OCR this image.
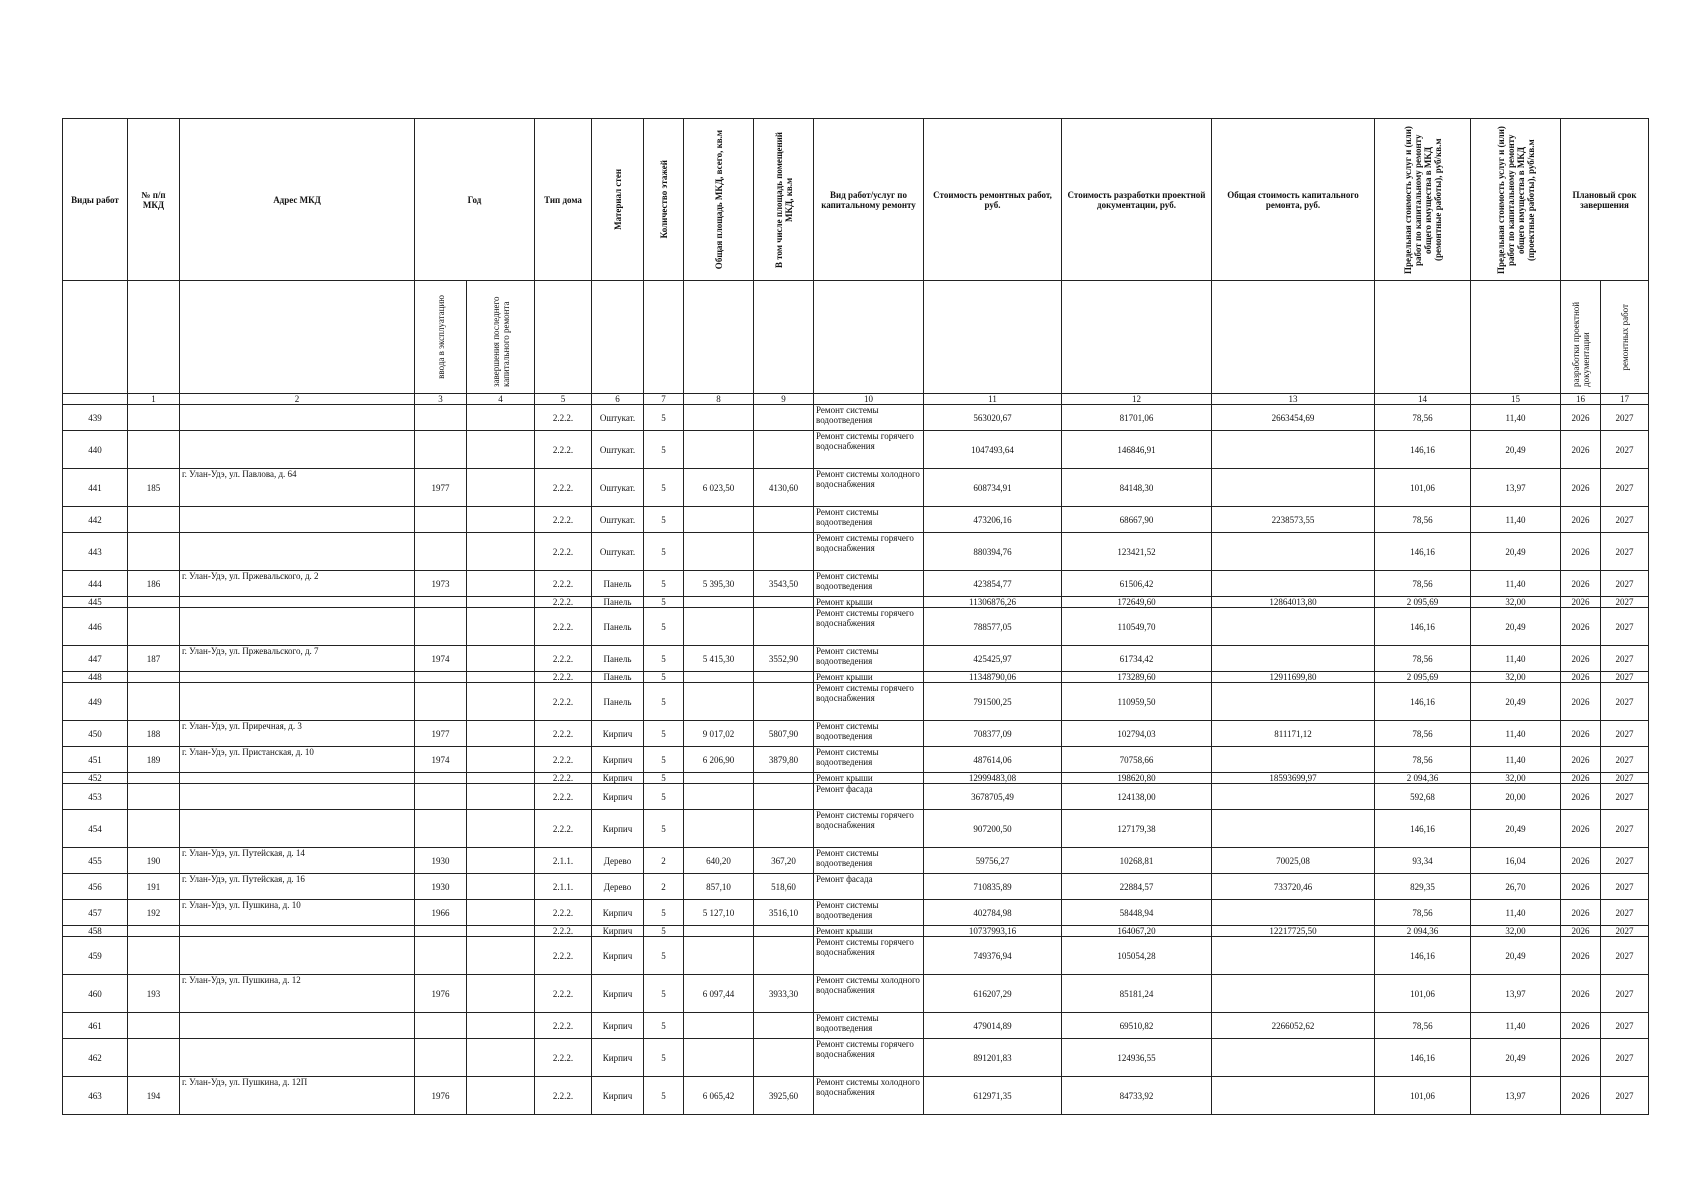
Виды работ	№ п/п МКД	Адрес МКД	Год		Тип дома	Материал стен	Количество этажей	Общая площадь МКД, всего, кв.м	В том числе площадь помещений МКД, кв.м	Вид работ/услуг по капитальному ремонту	Стоимость ремонтных работ, руб.	Стоимость разработки проектной документации, руб.	Общая стоимость капитального ремонта, руб.	Предельная стоимость услуг и (или) работ по капитальному ремонту общего имущества в МКД (ремонтные работы), руб/кв.м	Предельная стоимость услуг и (или) работ по капитальному ремонту общего имущества в МКД (проектные работы), руб/кв.м	Плановый срок завершения	

			ввода в эксплуатацию	завершения последнего капитального ремонта												разработки проектной документации	ремонтных работ

	1	2	3	4	5	6	7	8	9	10	11	12	13	14	15	16	17
439					2.2.2.	Оштукат.	5			Ремонт системы водоотведения	563020,67	81701,06	2663454,69	78,56	11,40	2026	2027
440					2.2.2.	Оштукат.	5			Ремонт системы горячего водоснабжения	1047493,64	146846,91		146,16	20,49	2026	2027
441	185	г. Улан-Удэ, ул. Павлова, д. 64	1977		2.2.2.	Оштукат.	5	6 023,50	4130,60	Ремонт системы холодного водоснабжения	608734,91	84148,30		101,06	13,97	2026	2027
442					2.2.2.	Оштукат.	5			Ремонт системы водоотведения	473206,16	68667,90	2238573,55	78,56	11,40	2026	2027
443					2.2.2.	Оштукат.	5			Ремонт системы горячего водоснабжения	880394,76	123421,52		146,16	20,49	2026	2027
444	186	г. Улан-Удэ, ул. Пржевальского, д. 2	1973		2.2.2.	Панель	5	5 395,30	3543,50	Ремонт системы водоотведения	423854,77	61506,42		78,56	11,40	2026	2027
445					2.2.2.	Панель	5			Ремонт крыши	11306876,26	172649,60	12864013,80	2 095,69	32,00	2026	2027
446					2.2.2.	Панель	5			Ремонт системы горячего водоснабжения	788577,05	110549,70		146,16	20,49	2026	2027
447	187	г. Улан-Удэ, ул. Пржевальского, д. 7	1974		2.2.2.	Панель	5	5 415,30	3552,90	Ремонт системы водоотведения	425425,97	61734,42		78,56	11,40	2026	2027
448					2.2.2.	Панель	5			Ремонт крыши	11348790,06	173289,60	12911699,80	2 095,69	32,00	2026	2027
449					2.2.2.	Панель	5			Ремонт системы горячего водоснабжения	791500,25	110959,50		146,16	20,49	2026	2027
450	188	г. Улан-Удэ, ул. Приречная, д. 3	1977		2.2.2.	Кирпич	5	9 017,02	5807,90	Ремонт системы водоотведения	708377,09	102794,03	811171,12	78,56	11,40	2026	2027
451	189	г. Улан-Удэ, ул. Пристанская, д. 10	1974		2.2.2.	Кирпич	5	6 206,90	3879,80	Ремонт системы водоотведения	487614,06	70758,66		78,56	11,40	2026	2027
452					2.2.2.	Кирпич	5			Ремонт крыши	12999483,08	198620,80	18593699,97	2 094,36	32,00	2026	2027
453					2.2.2.	Кирпич	5			Ремонт фасада	3678705,49	124138,00		592,68	20,00	2026	2027
454					2.2.2.	Кирпич	5			Ремонт системы горячего водоснабжения	907200,50	127179,38		146,16	20,49	2026	2027
455	190	г. Улан-Удэ, ул. Путейская, д. 14	1930		2.1.1.	Дерево	2	640,20	367,20	Ремонт системы водоотведения	59756,27	10268,81	70025,08	93,34	16,04	2026	2027
456	191	г. Улан-Удэ, ул. Путейская, д. 16	1930		2.1.1.	Дерево	2	857,10	518,60	Ремонт фасада	710835,89	22884,57	733720,46	829,35	26,70	2026	2027
457	192	г. Улан-Удэ, ул. Пушкина, д. 10	1966		2.2.2.	Кирпич	5	5 127,10	3516,10	Ремонт системы водоотведения	402784,98	58448,94		78,56	11,40	2026	2027
458					2.2.2.	Кирпич	5			Ремонт крыши	10737993,16	164067,20	12217725,50	2 094,36	32,00	2026	2027
459					2.2.2.	Кирпич	5			Ремонт системы горячего водоснабжения	749376,94	105054,28		146,16	20,49	2026	2027
460	193	г. Улан-Удэ, ул. Пушкина, д. 12	1976		2.2.2.	Кирпич	5	6 097,44	3933,30	Ремонт системы холодного водоснабжения	616207,29	85181,24		101,06	13,97	2026	2027
461					2.2.2.	Кирпич	5			Ремонт системы водоотведения	479014,89	69510,82	2266052,62	78,56	11,40	2026	2027
462					2.2.2.	Кирпич	5			Ремонт системы горячего водоснабжения	891201,83	124936,55		146,16	20,49	2026	2027
463	194	г. Улан-Удэ, ул. Пушкина, д. 12П	1976		2.2.2.	Кирпич	5	6 065,42	3925,60	Ремонт системы холодного водоснабжения	612971,35	84733,92		101,06	13,97	2026	2027
